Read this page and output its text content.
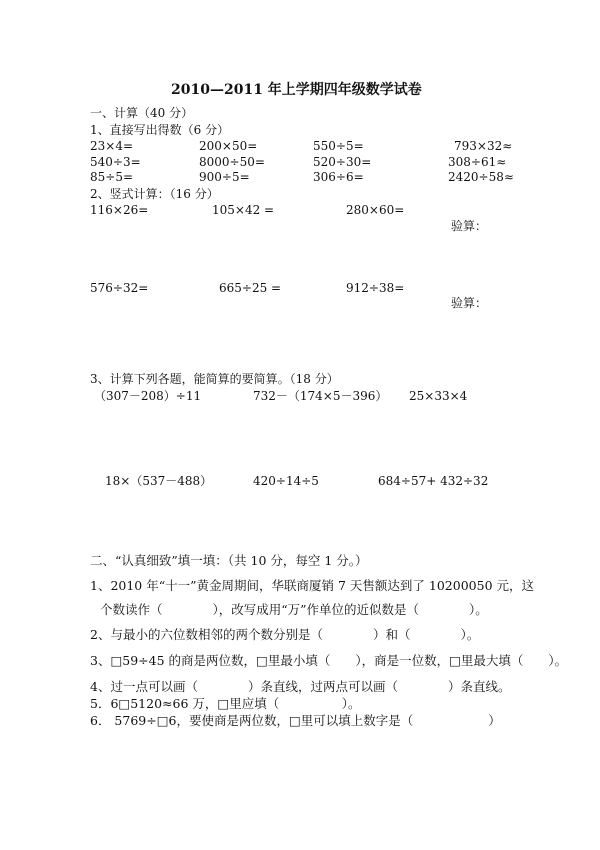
2010—2011 年上学期四年级数学试卷
一、计算（40 分）
1、直接写出得数（6 分）
23×4=	200×50=	550÷5=	793×32≈
540÷3=	8000÷50=	520÷30=	308÷61≈
85÷5=	900÷5=	306÷6=	2420÷58≈
2、竖式计算：（16 分）
116×26=	105×42 =	280×60=
验算：
576÷32=	665÷25 =	912÷38=
验算：
3、计算下列各题，能简算的要简算。（18 分）
（307－208）÷11	732－（174×5－396） 25×33×4
18×（537－488）	420÷14÷5	684÷57+ 432÷32
二、“认真细致”填一填：（共 10 分，每空 1 分。）
1、2010 年“十一”黄金周期间，华联商厦销 7 天售额达到了 10200050 元，这
个数读作（　　　　），改写成用“万”作单位的近似数是（　　　　）。
2、与最小的六位数相邻的两个数分别是（　　　　）和（　　　　）。
3、□59÷45 的商是两位数，□里最小填（　　），商是一位数，□里最大填（　　）。
4、过一点可以画（　　　　）条直线，过两点可以画（　　　　）条直线。
5．6□5120≈66 万，□里应填（　　　　　）。
6． 5769÷□6，要使商是两位数，□里可以填上数字是（　　　　　　）
